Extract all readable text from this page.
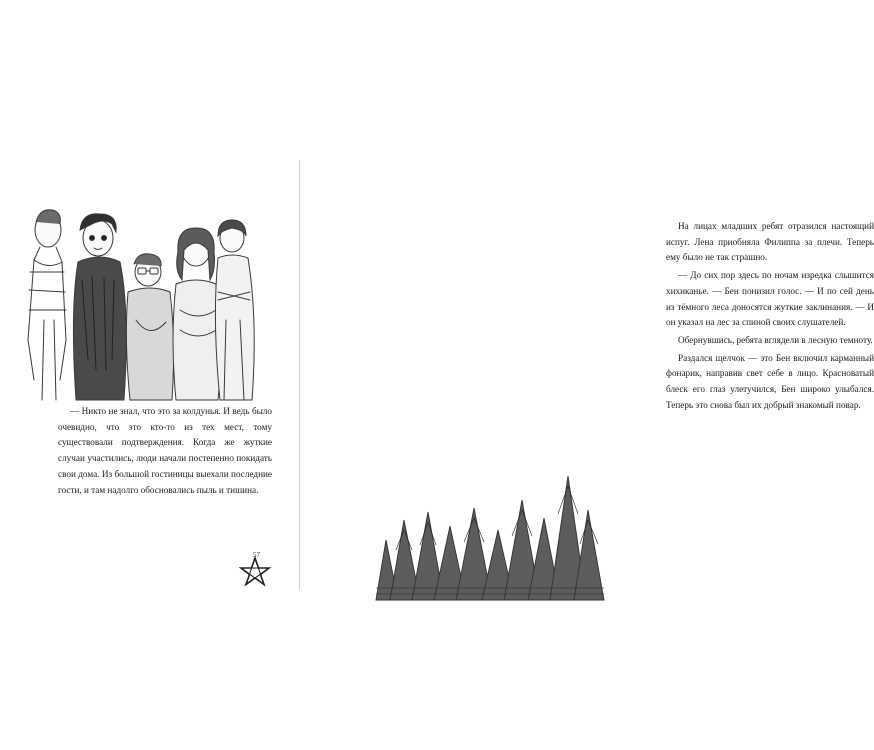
— Никто не знал, что это за колдунья. И ведь было очевидно, что это кто-то из тех мест, тому существовали подтверждения. Когда же жуткие случаи участились, люди начали постепенно покидать свои дома. Из большой гостиницы выехали последние гости, и там надолго обосновались пыль и тишина.

57

На лицах младших ребят отразился настоящий испуг. Лена приобняла Филиппа за плечи. Теперь ему было не так страшно.

— До сих пор здесь по ночам изредка слышится хихиканье. — Бен понизил голос. — И по сей день из тёмного леса доносятся жуткие заклинания. — И он указал на лес за спиной своих слушателей.

Обернувшись, ребята вглядели в лесную темноту.

Раздался щелчок — это Бен включил карманный фонарик, направив свет себе в лицо. Красноватый блеск его глаз улетучился, Бен широко улыбался. Теперь это снова был их добрый знакомый повар.
